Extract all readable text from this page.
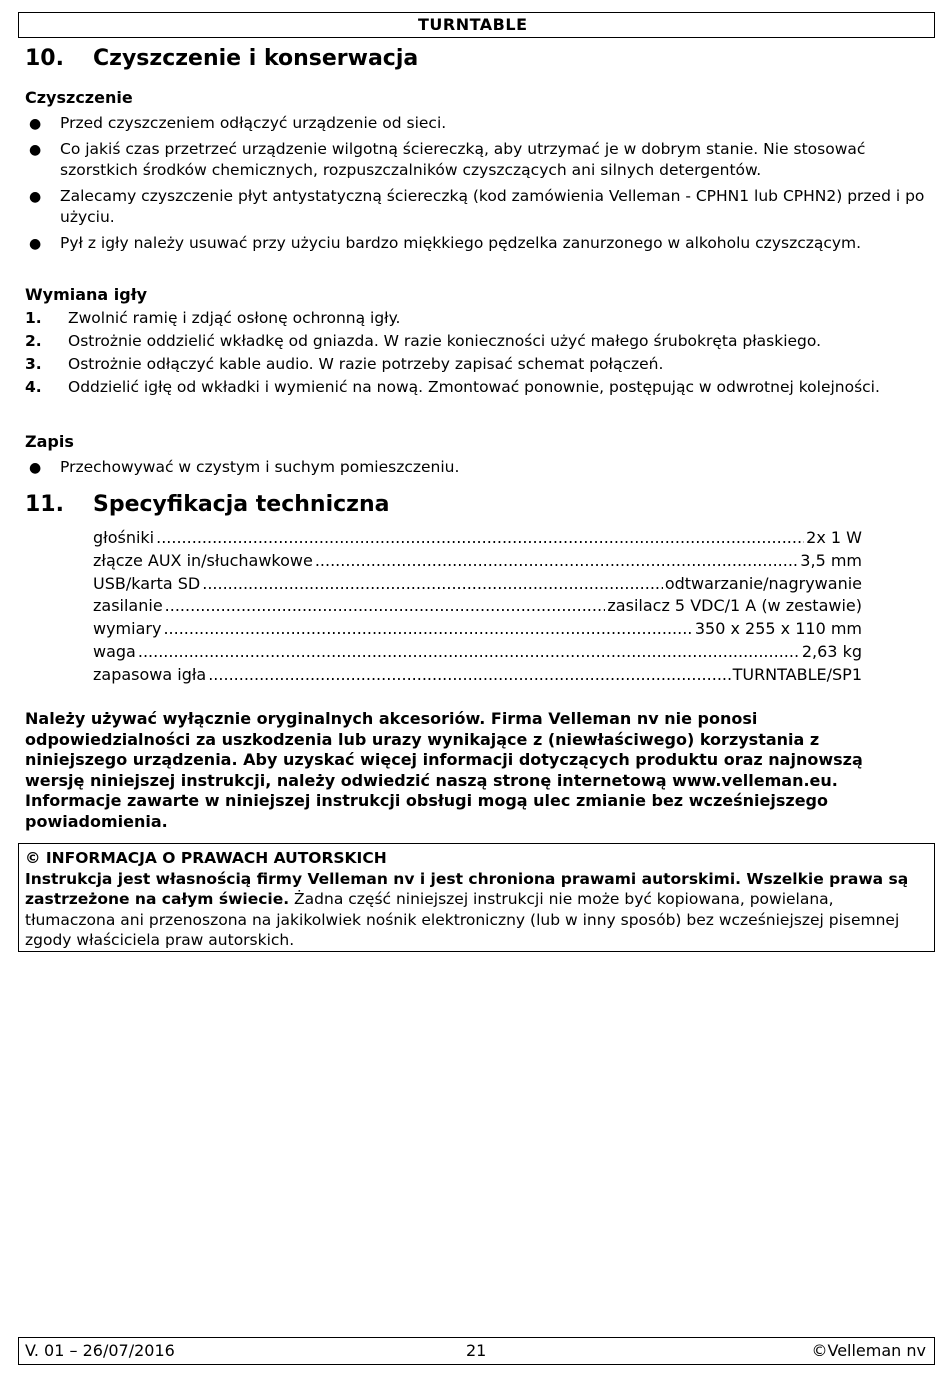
TURNTABLE
10. Czyszczenie i konserwacja
Czyszczenie
● Przed czyszczeniem odłączyć urządzenie od sieci.
● Co jakiś czas przetrzeć urządzenie wilgotną ściereczką, aby utrzymać je w dobrym stanie. Nie stosować szorstkich środków chemicznych, rozpuszczalników czyszczących ani silnych detergentów.
● Zalecamy czyszczenie płyt antystatyczną ściereczką (kod zamówienia Velleman - CPHN1 lub CPHN2) przed i po użyciu.
● Pył z igły należy usuwać przy użyciu bardzo miękkiego pędzelka zanurzonego w alkoholu czyszczącym.
Wymiana igły
1. Zwolnić ramię i zdjąć osłonę ochronną igły.
2. Ostrożnie oddzielić wkładkę od gniazda. W razie konieczności użyć małego śrubokręta płaskiego.
3. Ostrożnie odłączyć kable audio. W razie potrzeby zapisać schemat połączeń.
4. Oddzielić igłę od wkładki i wymienić na nową. Zmontować ponownie, postępując w odwrotnej kolejności.
Zapis
● Przechowywać w czystym i suchym pomieszczeniu.
11. Specyfikacja techniczna
głośniki .....	2x 1 W
złącze AUX in/słuchawkowe .....	3,5 mm
USB/karta SD .....	odtwarzanie/nagrywanie
zasilanie .....	zasilacz 5 VDC/1 A (w zestawie)
wymiary .....	350 x 255 x 110 mm
waga .....	2,63 kg
zapasowa igła .....	TURNTABLE/SP1
Należy używać wyłącznie oryginalnych akcesoriów. Firma Velleman nv nie ponosi odpowiedzialności za uszkodzenia lub urazy wynikające z (niewłaściwego) korzystania z niniejszego urządzenia. Aby uzyskać więcej informacji dotyczących produktu oraz najnowszą wersję niniejszej instrukcji, należy odwiedzić naszą stronę internetową www.velleman.eu. Informacje zawarte w niniejszej instrukcji obsługi mogą ulec zmianie bez wcześniejszego powiadomienia.
© INFORMACJA O PRAWACH AUTORSKICH
Instrukcja jest własnością firmy Velleman nv i jest chroniona prawami autorskimi. Wszelkie prawa są zastrzeżone na całym świecie. Żadna część niniejszej instrukcji nie może być kopiowana, powielana, tłumaczona ani przenoszona na jakikolwiek nośnik elektroniczny (lub w inny sposób) bez wcześniejszej pisemnej zgody właściciela praw autorskich.
V. 01 – 26/07/2016	21	©Velleman nv
